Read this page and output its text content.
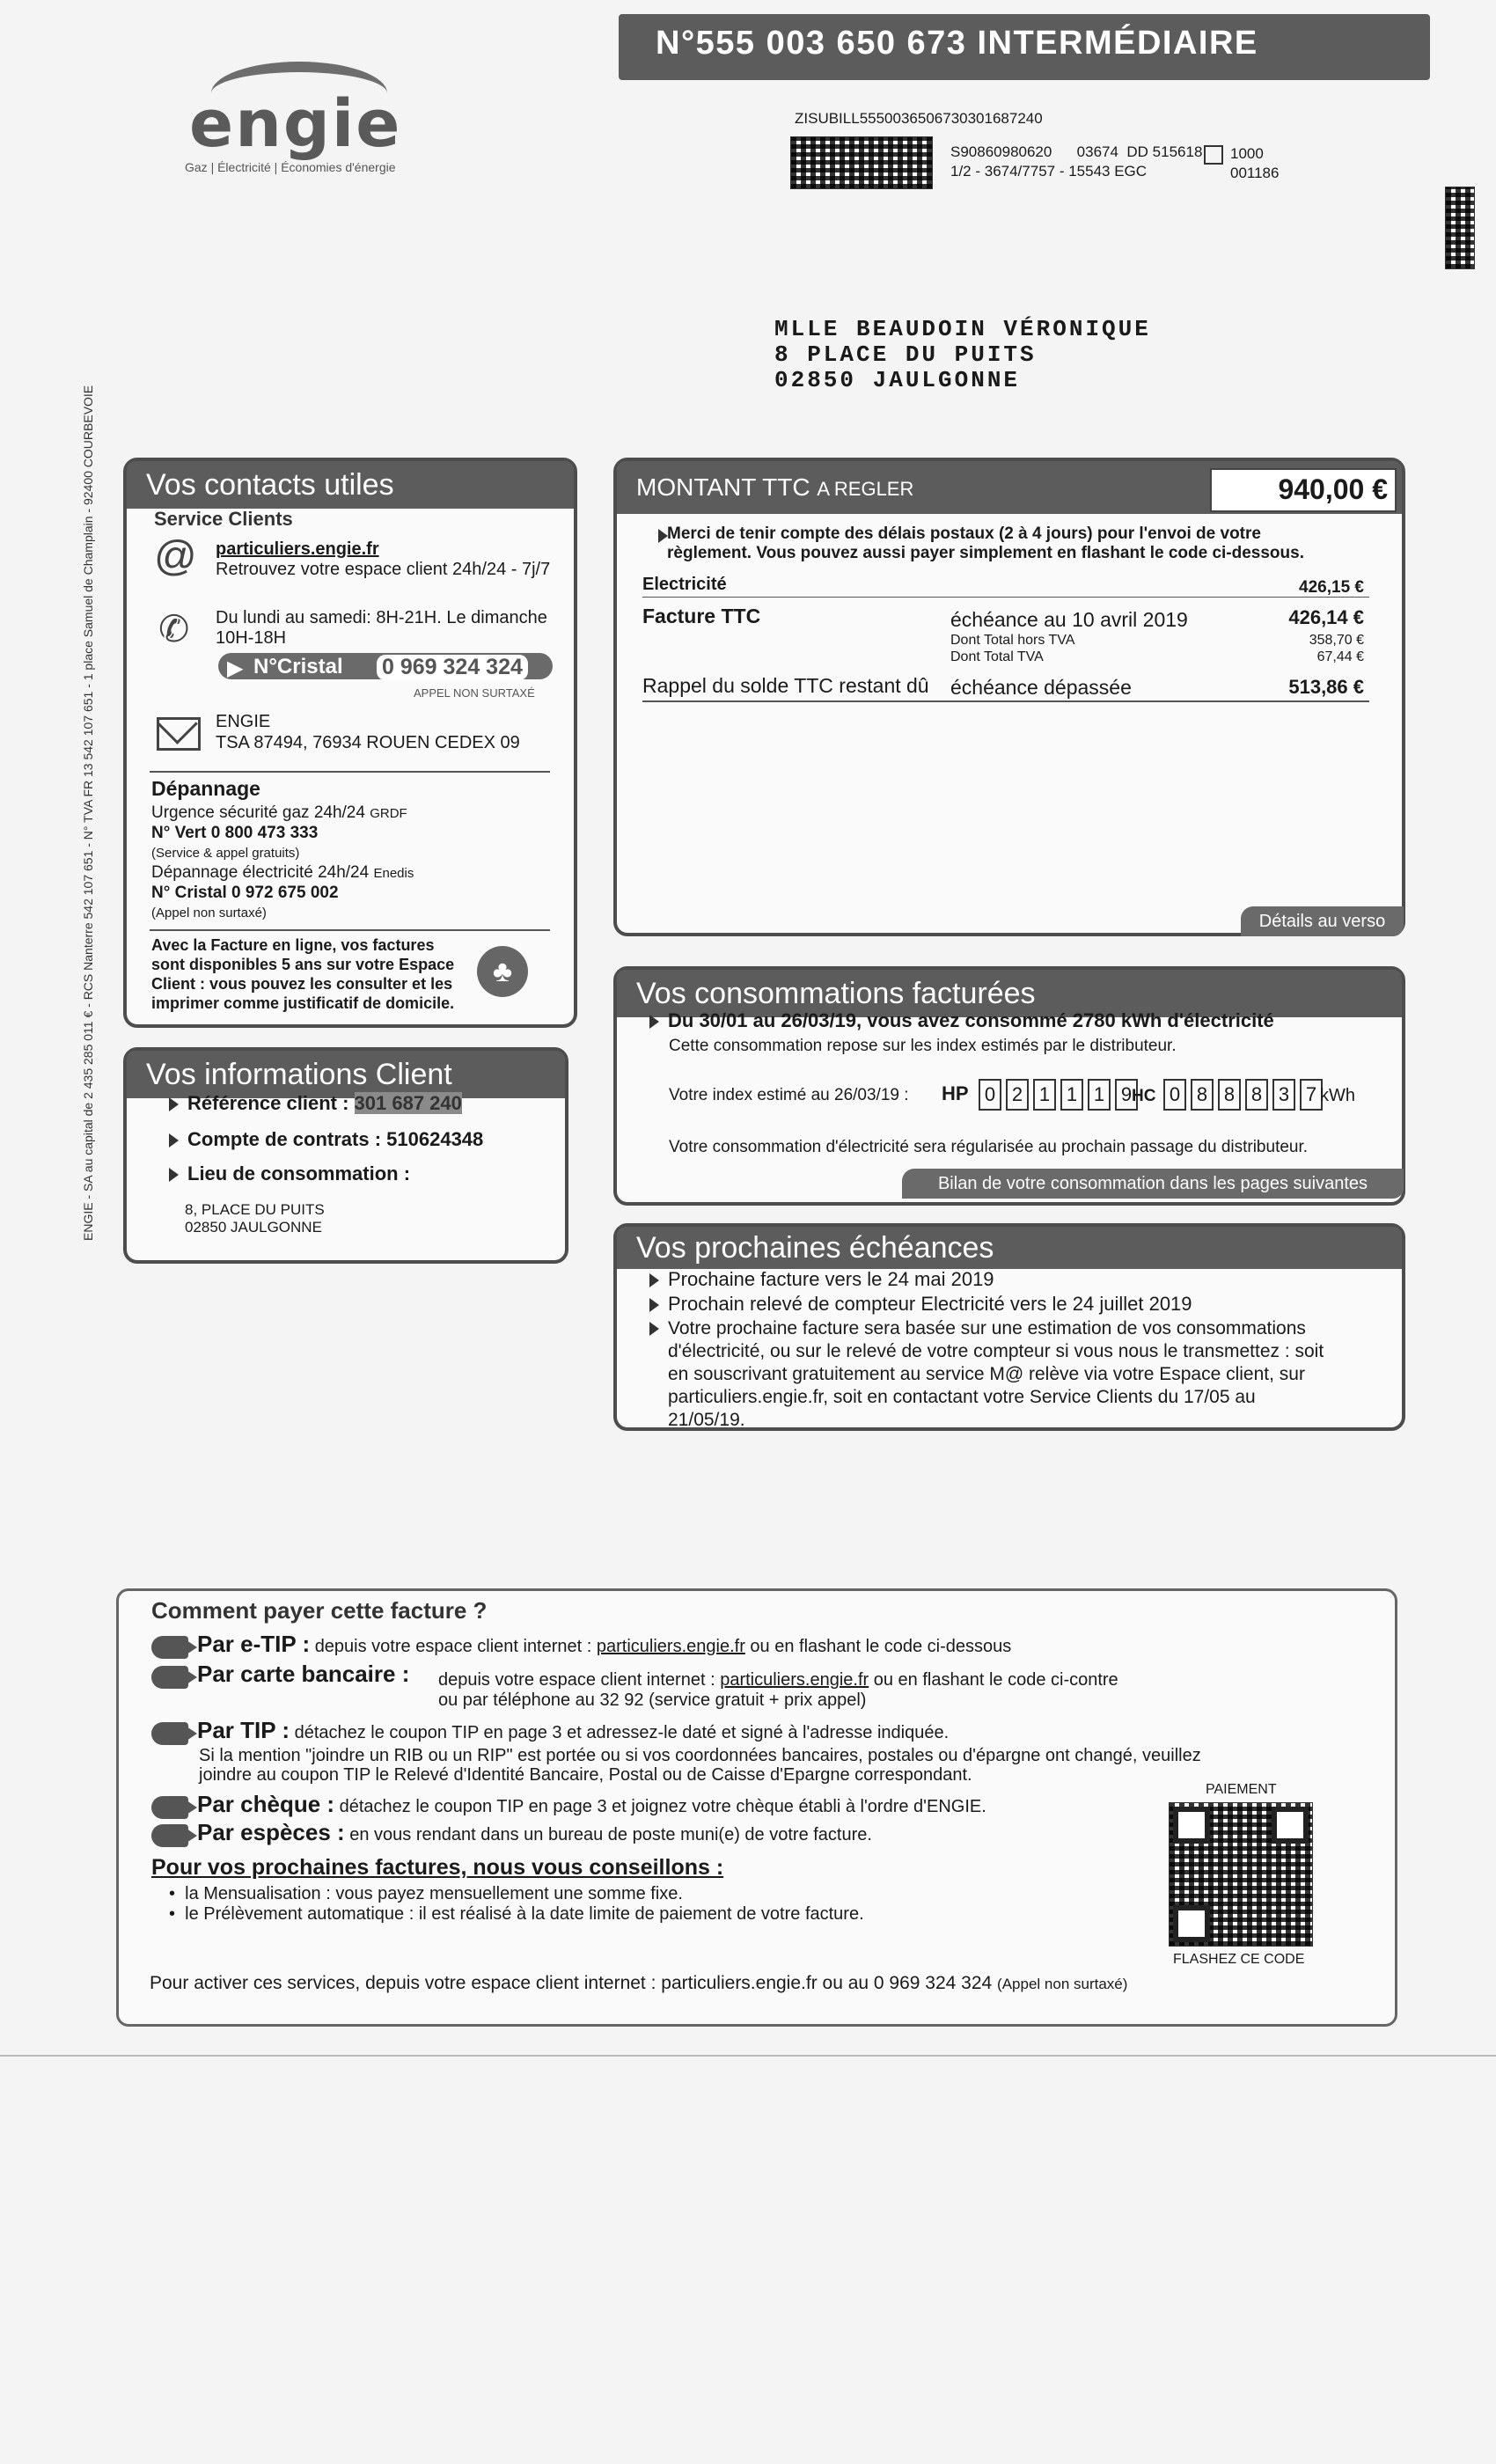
N°555 003 650 673 INTERMÉDIAIRE
engie
Gaz | Électricité | Économies d'énergie
ZISUBILL5550036506730301687240
S90860980620      03674  DD 515618
1/2 - 3674/7757 - 15543 EGC
1000
001186
MLLE BEAUDOIN VÉRONIQUE
8 PLACE DU PUITS
02850 JAULGONNE
ENGIE - SA au capital de 2 435 285 011 € - RCS Nanterre 542 107 651 - N° TVA FR 13 542 107 651 - 1 place Samuel de Champlain - 92400 COURBEVOIE	Vos contacts utiles
Service Clients
@ particuliers.engie.fr
Retrouvez votre espace client 24h/24 - 7j/7
✆ Du lundi au samedi: 8H-21H. Le dimanche
10H-18H
▶ N°Cristal 0 969 324 324
APPEL NON SURTAXÉ
ENGIE
TSA 87494, 76934 ROUEN CEDEX 09
Dépannage
Urgence sécurité gaz 24h/24 GRDF
N° Vert 0 800 473 333
(Service & appel gratuits)
Dépannage électricité 24h/24 Enedis
N° Cristal 0 972 675 002
(Appel non surtaxé)
Avec la Facture en ligne, vos factures
sont disponibles 5 ans sur votre Espace
Client : vous pouvez les consulter et les
imprimer comme justificatif de domicile.
♣
Vos informations Client
Référence client : 301 687 240
Compte de contrats : 510624348
Lieu de consommation :
8, PLACE DU PUITS
02850 JAULGONNE
MONTANT TTC A REGLER	940,00 €
Merci de tenir compte des délais postaux (2 à 4 jours) pour l'envoi de votre
règlement. Vous pouvez aussi payer simplement en flashant le code ci-dessous.
Electricité	426,15 €
Facture TTC	échéance au 10 avril 2019	426,14 €
Dont Total hors TVA	358,70 €
Dont Total TVA	67,44 €
Rappel du solde TTC restant dû échéance dépassée	513,86 €
Détails au verso
Vos consommations facturées
Du 30/01 au 26/03/19, vous avez consommé 2780 kWh d'électricité
Cette consommation repose sur les index estimés par le distributeur.
Votre index estimé au 26/03/19 : HP 0 2 1 1 1 9 HC 0 8 8 8 3 7 kWh
Votre consommation d'électricité sera régularisée au prochain passage du distributeur.
Bilan de votre consommation dans les pages suivantes
Vos prochaines échéances
Prochaine facture vers le 24 mai 2019
Prochain relevé de compteur Electricité vers le 24 juillet 2019
Votre prochaine facture sera basée sur une estimation de vos consommations
d'électricité, ou sur le relevé de votre compteur si vous nous le transmettez : soit
en souscrivant gratuitement au service M@ relève via votre Espace client, sur
particuliers.engie.fr, soit en contactant votre Service Clients du 17/05 au
21/05/19.
Comment payer cette facture ?
Par e-TIP : depuis votre espace client internet : particuliers.engie.fr ou en flashant le code ci-dessous
Par carte bancaire : depuis votre espace client internet : particuliers.engie.fr ou en flashant le code ci-contre
ou par téléphone au 32 92 (service gratuit + prix appel)
Par TIP : détachez le coupon TIP en page 3 et adressez-le daté et signé à l'adresse indiquée.
Si la mention "joindre un RIB ou un RIP" est portée ou si vos coordonnées bancaires, postales ou d'épargne ont changé, veuillez
joindre au coupon TIP le Relevé d'Identité Bancaire, Postal ou de Caisse d'Epargne correspondant.
Par chèque : détachez le coupon TIP en page 3 et joignez votre chèque établi à l'ordre d'ENGIE.
Par espèces : en vous rendant dans un bureau de poste muni(e) de votre facture.
Pour vos prochaines factures, nous vous conseillons :
•  la Mensualisation : vous payez mensuellement une somme fixe.
•  le Prélèvement automatique : il est réalisé à la date limite de paiement de votre facture.
Pour activer ces services, depuis votre espace client internet : particuliers.engie.fr ou au 0 969 324 324 (Appel non surtaxé)
PAIEMENT
FLASHEZ CE CODE
